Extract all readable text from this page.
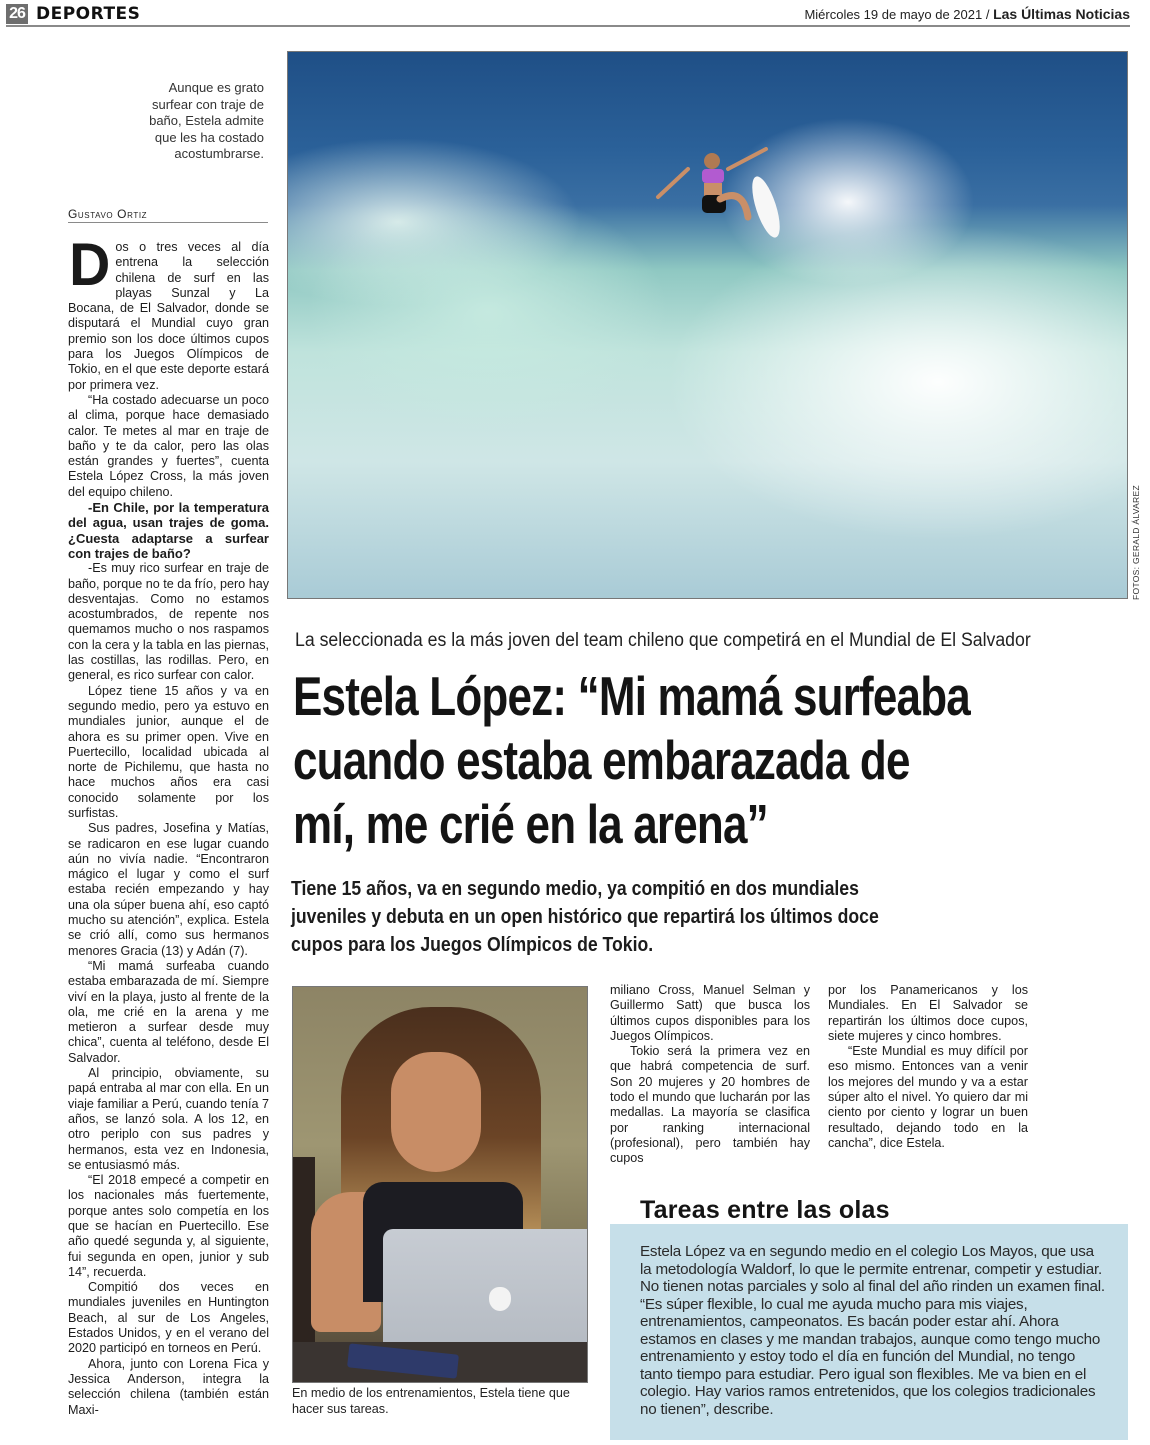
26 DEPORTES	Miércoles 19 de mayo de 2021 / Las Últimas Noticias
Aunque es grato surfear con traje de baño, Estela admite que les ha costado acostumbrarse.
Gustavo Ortiz

Dos o tres veces al día entrena la selección chilena de surf en las playas Sunzal y La Bocana, de El Salvador, donde se disputará el Mundial cuyo gran premio son los doce últimos cupos para los Juegos Olímpicos de Tokio, en el que este deporte estará por primera vez.

“Ha costado adecuarse un poco al clima, porque hace demasiado calor. Te metes al mar en traje de baño y te da calor, pero las olas están grandes y fuertes”, cuenta Estela López Cross, la más joven del equipo chileno.

-En Chile, por la temperatura del agua, usan trajes de goma. ¿Cuesta adaptarse a surfear con trajes de baño?

-Es muy rico surfear en traje de baño, porque no te da frío, pero hay desventajas. Como no estamos acostumbrados, de repente nos quemamos mucho o nos raspamos con la cera y la tabla en las piernas, las costillas, las rodillas. Pero, en general, es rico surfear con calor.

López tiene 15 años y va en segundo medio, pero ya estuvo en mundiales junior, aunque el de ahora es su primer open. Vive en Puertecillo, localidad ubicada al norte de Pichilemu, que hasta no hace muchos años era casi conocido solamente por los surfistas.

Sus padres, Josefina y Matías, se radicaron en ese lugar cuando aún no vivía nadie. “Encontraron mágico el lugar y como el surf estaba recién empezando y hay una ola súper buena ahí, eso captó mucho su atención”, explica. Estela se crió allí, como sus hermanos menores Gracia (13) y Adán (7).

“Mi mamá surfeaba cuando estaba embarazada de mí. Siempre viví en la playa, justo al frente de la ola, me crié en la arena y me metieron a surfear desde muy chica”, cuenta al teléfono, desde El Salvador.

Al principio, obviamente, su papá entraba al mar con ella. En un viaje familiar a Perú, cuando tenía 7 años, se lanzó sola. A los 12, en otro periplo con sus padres y hermanos, esta vez en Indonesia, se entusiasmó más.

“El 2018 empecé a competir en los nacionales más fuertemente, porque antes solo competía en los que se hacían en Puertecillo. Ese año quedé segunda y, al siguiente, fui segunda en open, junior y sub 14”, recuerda.

Compitió dos veces en mundiales juveniles en Huntington Beach, al sur de Los Angeles, Estados Unidos, y en el verano del 2020 participó en torneos en Perú.

Ahora, junto con Lorena Fica y Jessica Anderson, integra la selección chilena (también están Maxi-

FOTOS: GERALD ÁLVAREZ
La seleccionada es la más joven del team chileno que competirá en el Mundial de El Salvador
Estela López: “Mi mamá surfeaba
cuando estaba embarazada de
mí, me crié en la arena”
Tiene 15 años, va en segundo medio, ya compitió en dos mundiales
juveniles y debuta en un open histórico que repartirá los últimos doce
cupos para los Juegos Olímpicos de Tokio.
En medio de los entrenamientos, Estela tiene que hacer sus tareas.

miliano Cross, Manuel Selman y Guillermo Satt) que busca los últimos cupos disponibles para los Juegos Olímpicos.

Tokio será la primera vez en que habrá competencia de surf. Son 20 mujeres y 20 hombres de todo el mundo que lucharán por las medallas. La mayoría se clasifica por ranking internacional (profesional), pero también hay cupos

por los Panamericanos y los Mundiales. En El Salvador se repartirán los últimos doce cupos, siete mujeres y cinco hombres.

“Este Mundial es muy difícil por eso mismo. Entonces van a venir los mejores del mundo y va a estar súper alto el nivel. Yo quiero dar mi ciento por ciento y lograr un buen resultado, dejando todo en la cancha”, dice Estela.

Estela López va en segundo medio en el colegio Los Mayos, que usa la metodología Waldorf, lo que le permite entrenar, competir y estudiar. No tienen notas parciales y solo al final del año rinden un examen final. “Es súper flexible, lo cual me ayuda mucho para mis viajes, entrenamientos, campeonatos. Es bacán poder estar ahí. Ahora estamos en clases y me mandan trabajos, aunque como tengo mucho entrenamiento y estoy todo el día en función del Mundial, no tengo tanto tiempo para estudiar. Pero igual son flexibles. Me va bien en el colegio. Hay varios ramos entretenidos, que los colegios tradicionales no tienen”, describe.

Tareas entre las olas
